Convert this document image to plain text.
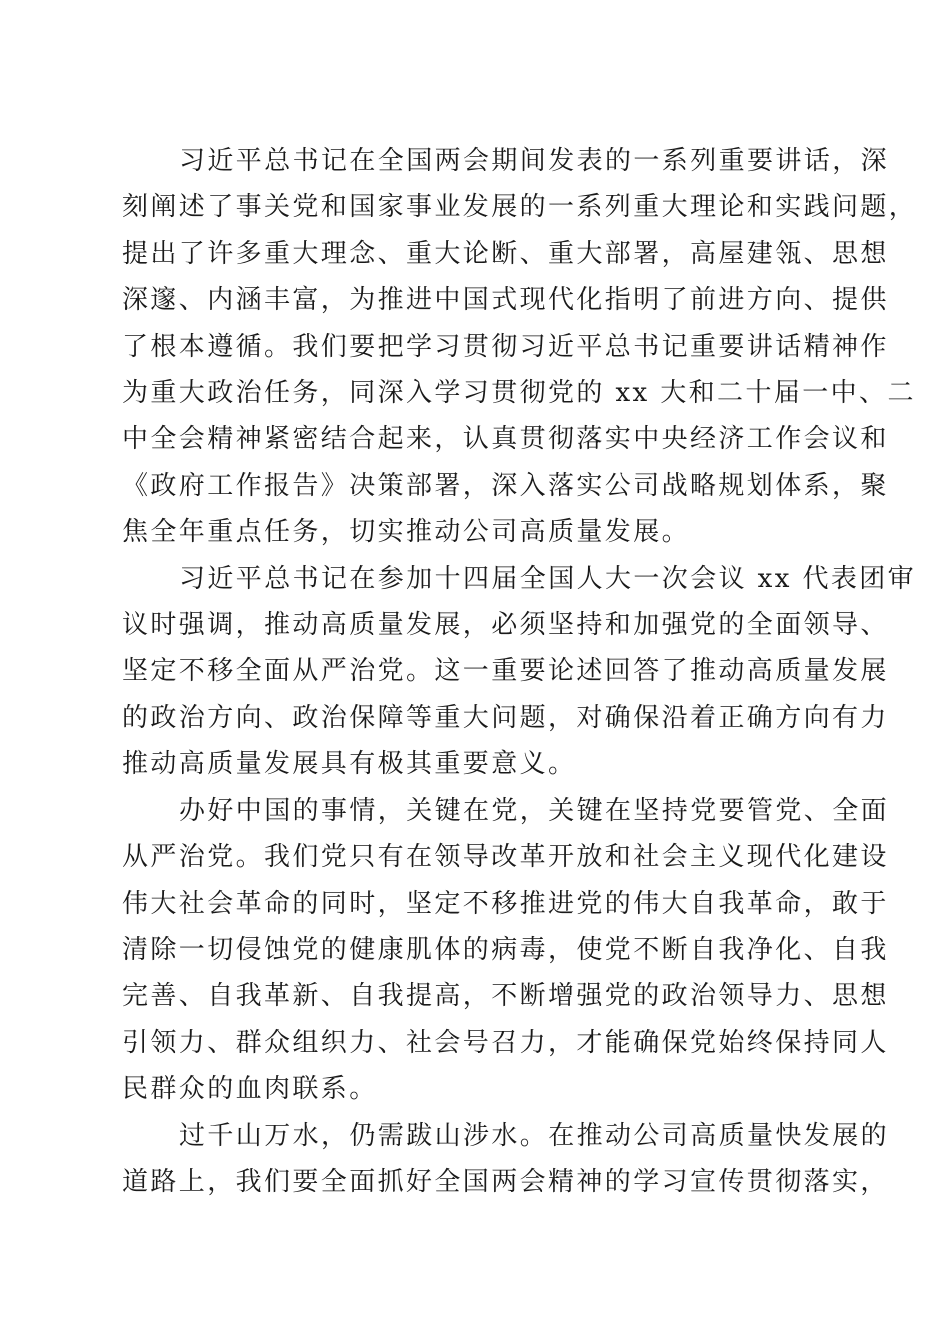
习近平总书记在全国两会期间发表的一系列重要讲话，深
刻阐述了事关党和国家事业发展的一系列重大理论和实践问题，
提出了许多重大理念、重大论断、重大部署，高屋建瓴、思想
深邃、内涵丰富，为推进中国式现代化指明了前进方向、提供
了根本遵循。我们要把学习贯彻习近平总书记重要讲话精神作
为重大政治任务，同深入学习贯彻党的 xx 大和二十届一中、二
中全会精神紧密结合起来，认真贯彻落实中央经济工作会议和
《政府工作报告》决策部署，深入落实公司战略规划体系，聚
焦全年重点任务，切实推动公司高质量发展。
习近平总书记在参加十四届全国人大一次会议 xx 代表团审
议时强调，推动高质量发展，必须坚持和加强党的全面领导、
坚定不移全面从严治党。这一重要论述回答了推动高质量发展
的政治方向、政治保障等重大问题，对确保沿着正确方向有力
推动高质量发展具有极其重要意义。
办好中国的事情，关键在党，关键在坚持党要管党、全面
从严治党。我们党只有在领导改革开放和社会主义现代化建设
伟大社会革命的同时，坚定不移推进党的伟大自我革命，敢于
清除一切侵蚀党的健康肌体的病毒，使党不断自我净化、自我
完善、自我革新、自我提高，不断增强党的政治领导力、思想
引领力、群众组织力、社会号召力，才能确保党始终保持同人
民群众的血肉联系。
过千山万水，仍需跋山涉水。在推动公司高质量快发展的
道路上，我们要全面抓好全国两会精神的学习宣传贯彻落实，
